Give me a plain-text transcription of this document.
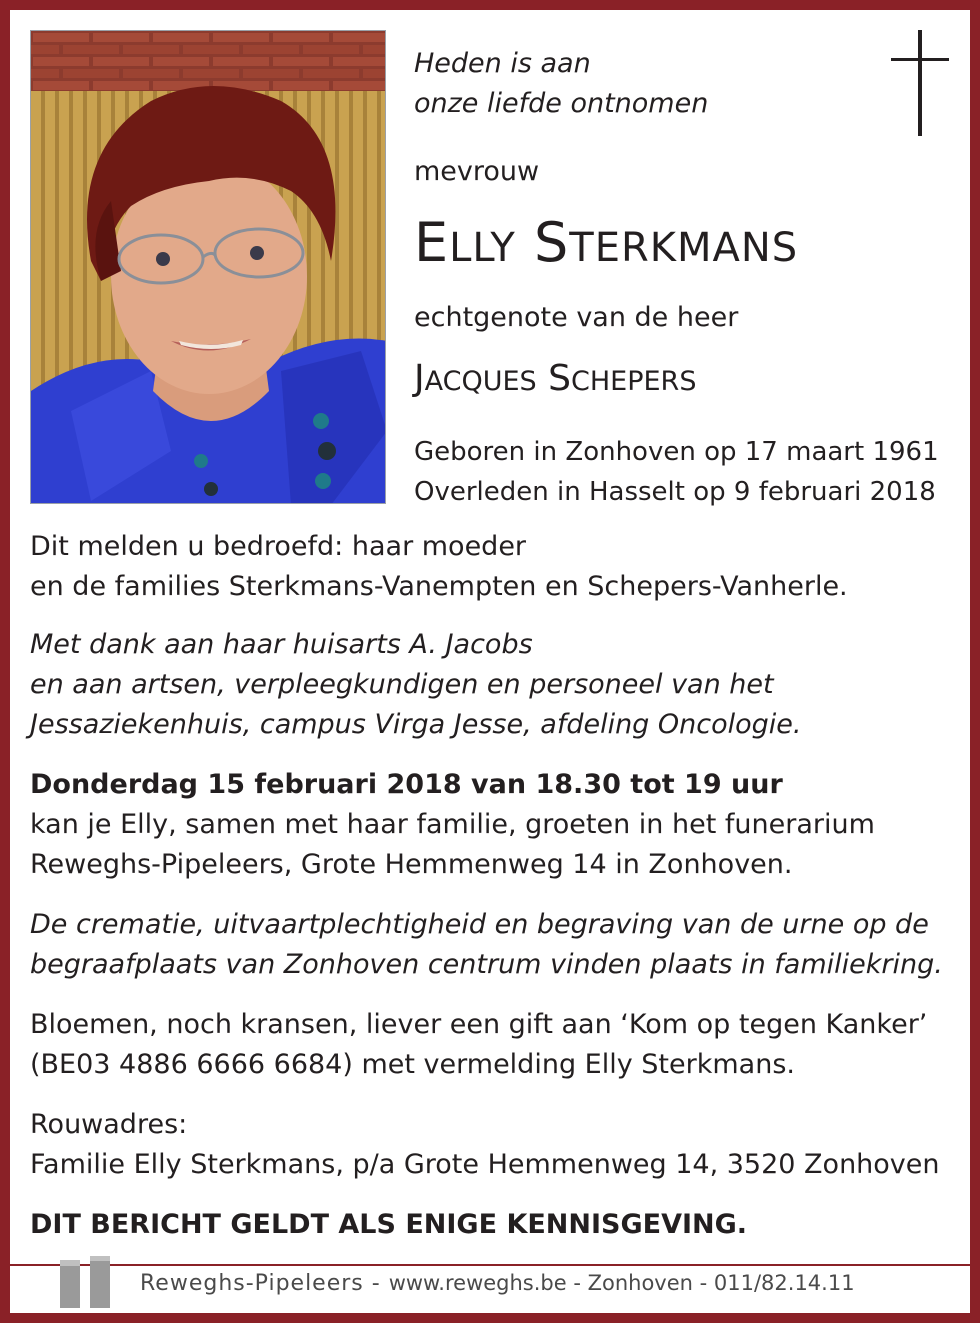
Heden is aan
onze liefde ontnomen
mevrouw
ELLY STERKMANS
echtgenote van de heer
JACQUES SCHEPERS
Geboren in Zonhoven op 17 maart 1961
Overleden in Hasselt op 9 februari 2018
Dit melden u bedroefd: haar moeder
en de families Sterkmans-Vanempten en Schepers-Vanherle.
Met dank aan haar huisarts A. Jacobs
en aan artsen, verpleegkundigen en personeel van het
Jessaziekenhuis, campus Virga Jesse, afdeling Oncologie.
Donderdag 15 februari 2018 van 18.30 tot 19 uur
kan je Elly, samen met haar familie, groeten in het funerarium
Reweghs-Pipeleers, Grote Hemmenweg 14 in Zonhoven.
De crematie, uitvaartplechtigheid en begraving van de urne op de
begraafplaats van Zonhoven centrum vinden plaats in familiekring.
Bloemen, noch kransen, liever een gift aan ‘Kom op tegen Kanker’
(BE03 4886 6666 6684) met vermelding Elly Sterkmans.
Rouwadres:
Familie Elly Sterkmans, p/a Grote Hemmenweg 14, 3520 Zonhoven
DIT BERICHT GELDT ALS ENIGE KENNISGEVING.
Reweghs-Pipeleers - www.reweghs.be - Zonhoven - 011/82.14.11
